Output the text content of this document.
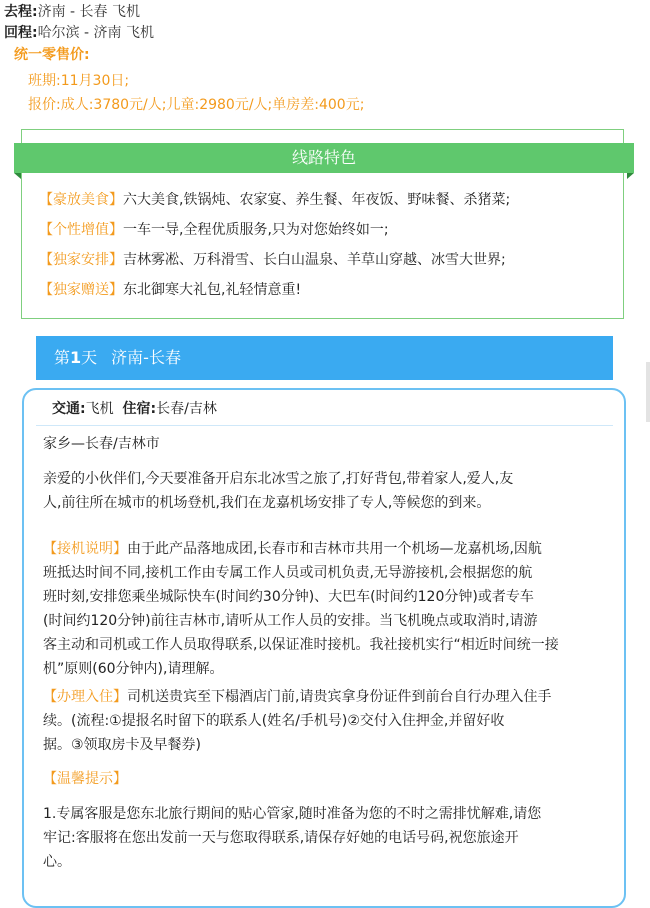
去程:济南 - 长春 飞机
回程:哈尔滨 - 济南 飞机
统一零售价:
班期:11月30日;
报价:成人:3780元/人;儿童:2980元/人;单房差:400元;
线路特色
【豪放美食】六大美食,铁锅炖、农家宴、养生餐、年夜饭、野味餐、杀猪菜;
【个性增值】一车一导,全程优质服务,只为对您始终如一;
【独家安排】吉林雾凇、万科滑雪、长白山温泉、羊草山穿越、冰雪大世界;
【独家赠送】东北御寒大礼包,礼轻情意重!
第1天 济南-长春
交通:飞机 住宿:长春/吉林
家乡—长春/吉林市
亲爱的小伙伴们,今天要准备开启东北冰雪之旅了,打好背包,带着家人,爱人,友
人,前往所在城市的机场登机,我们在龙嘉机场安排了专人,等候您的到来。
【接机说明】由于此产品落地成团,长春市和吉林市共用一个机场—龙嘉机场,因航
班抵达时间不同,接机工作由专属工作人员或司机负责,无导游接机,会根据您的航
班时刻,安排您乘坐城际快车(时间约30分钟)、大巴车(时间约120分钟)或者专车
(时间约120分钟)前往吉林市,请听从工作人员的安排。当飞机晚点或取消时,请游
客主动和司机或工作人员取得联系,以保证准时接机。我社接机实行“相近时间统一接
机”原则(60分钟内),请理解。
【办理入住】司机送贵宾至下榻酒店门前,请贵宾拿身份证件到前台自行办理入住手
续。(流程:①提报名时留下的联系人(姓名/手机号)②交付入住押金,并留好收
据。③领取房卡及早餐券)
【温馨提示】
1.专属客服是您东北旅行期间的贴心管家,随时准备为您的不时之需排忧解难,请您
牢记:客服将在您出发前一天与您取得联系,请保存好她的电话号码,祝您旅途开
心。
